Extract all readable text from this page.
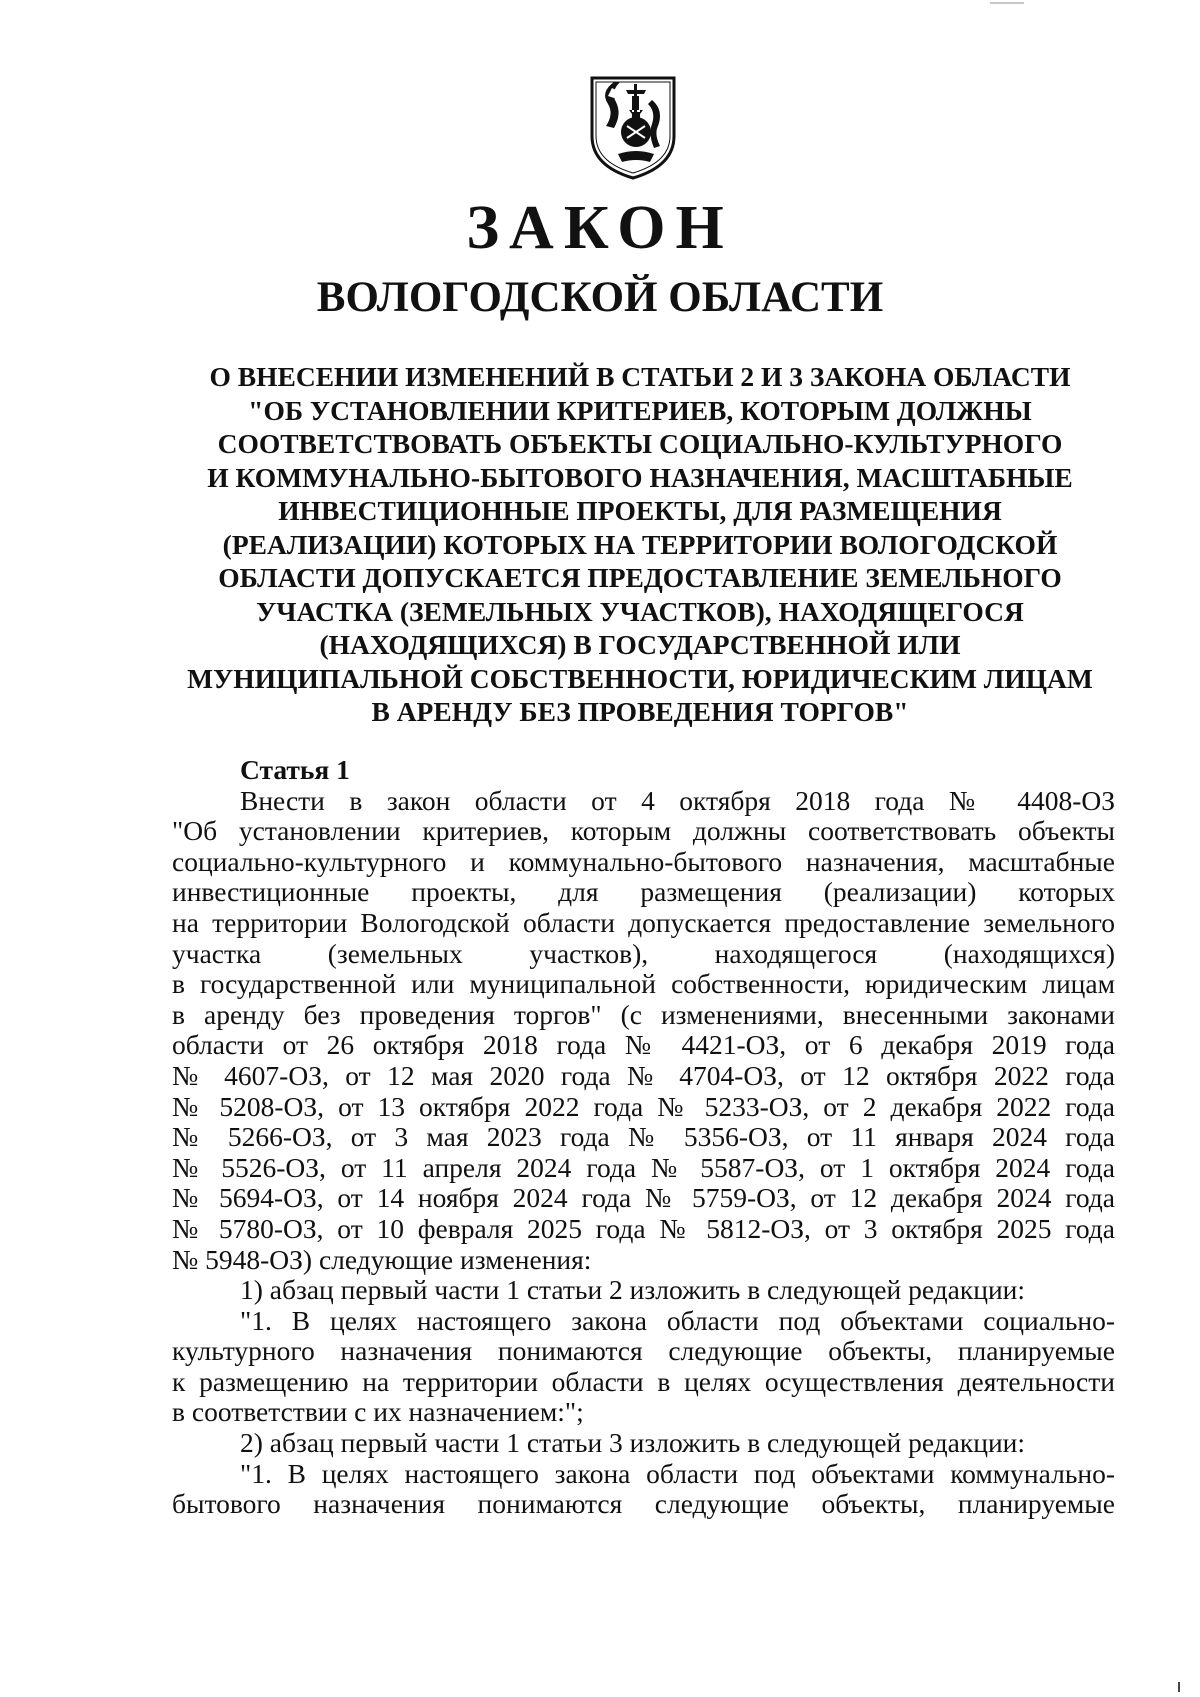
ЗАКОН
ВОЛОГОДСКОЙ ОБЛАСТИ
О ВНЕСЕНИИ ИЗМЕНЕНИЙ В СТАТЬИ 2 И 3 ЗАКОНА ОБЛАСТИ
"ОБ УСТАНОВЛЕНИИ КРИТЕРИЕВ, КОТОРЫМ ДОЛЖНЫ
СООТВЕТСТВОВАТЬ ОБЪЕКТЫ СОЦИАЛЬНО-КУЛЬТУРНОГО
И КОММУНАЛЬНО-БЫТОВОГО НАЗНАЧЕНИЯ, МАСШТАБНЫЕ
ИНВЕСТИЦИОННЫЕ ПРОЕКТЫ, ДЛЯ РАЗМЕЩЕНИЯ
(РЕАЛИЗАЦИИ) КОТОРЫХ НА ТЕРРИТОРИИ ВОЛОГОДСКОЙ
ОБЛАСТИ ДОПУСКАЕТСЯ ПРЕДОСТАВЛЕНИЕ ЗЕМЕЛЬНОГО
УЧАСТКА (ЗЕМЕЛЬНЫХ УЧАСТКОВ), НАХОДЯЩЕГОСЯ
(НАХОДЯЩИХСЯ) В ГОСУДАРСТВЕННОЙ ИЛИ
МУНИЦИПАЛЬНОЙ СОБСТВЕННОСТИ, ЮРИДИЧЕСКИМ ЛИЦАМ
В АРЕНДУ БЕЗ ПРОВЕДЕНИЯ ТОРГОВ"
Статья 1
Внести в закон области от 4 октября 2018 года № 4408-ОЗ
"Об установлении критериев, которым должны соответствовать объекты
социально-культурного и коммунально-бытового назначения, масштабные
инвестиционные проекты, для размещения (реализации) которых
на территории Вологодской области допускается предоставление земельного
участка (земельных участков), находящегося (находящихся)
в государственной или муниципальной собственности, юридическим лицам
в аренду без проведения торгов" (с изменениями, внесенными законами
области от 26 октября 2018 года № 4421-ОЗ, от 6 декабря 2019 года
№ 4607-ОЗ, от 12 мая 2020 года № 4704-ОЗ, от 12 октября 2022 года
№ 5208-ОЗ, от 13 октября 2022 года № 5233-ОЗ, от 2 декабря 2022 года
№ 5266-ОЗ, от 3 мая 2023 года № 5356-ОЗ, от 11 января 2024 года
№ 5526-ОЗ, от 11 апреля 2024 года № 5587-ОЗ, от 1 октября 2024 года
№ 5694-ОЗ, от 14 ноября 2024 года № 5759-ОЗ, от 12 декабря 2024 года
№ 5780-ОЗ, от 10 февраля 2025 года № 5812-ОЗ, от 3 октября 2025 года
№ 5948-ОЗ) следующие изменения:
1) абзац первый части 1 статьи 2 изложить в следующей редакции:
"1. В целях настоящего закона области под объектами социально-
культурного назначения понимаются следующие объекты, планируемые
к размещению на территории области в целях осуществления деятельности
в соответствии с их назначением:";
2) абзац первый части 1 статьи 3 изложить в следующей редакции:
"1. В целях настоящего закона области под объектами коммунально-
бытового назначения понимаются следующие объекты, планируемые
